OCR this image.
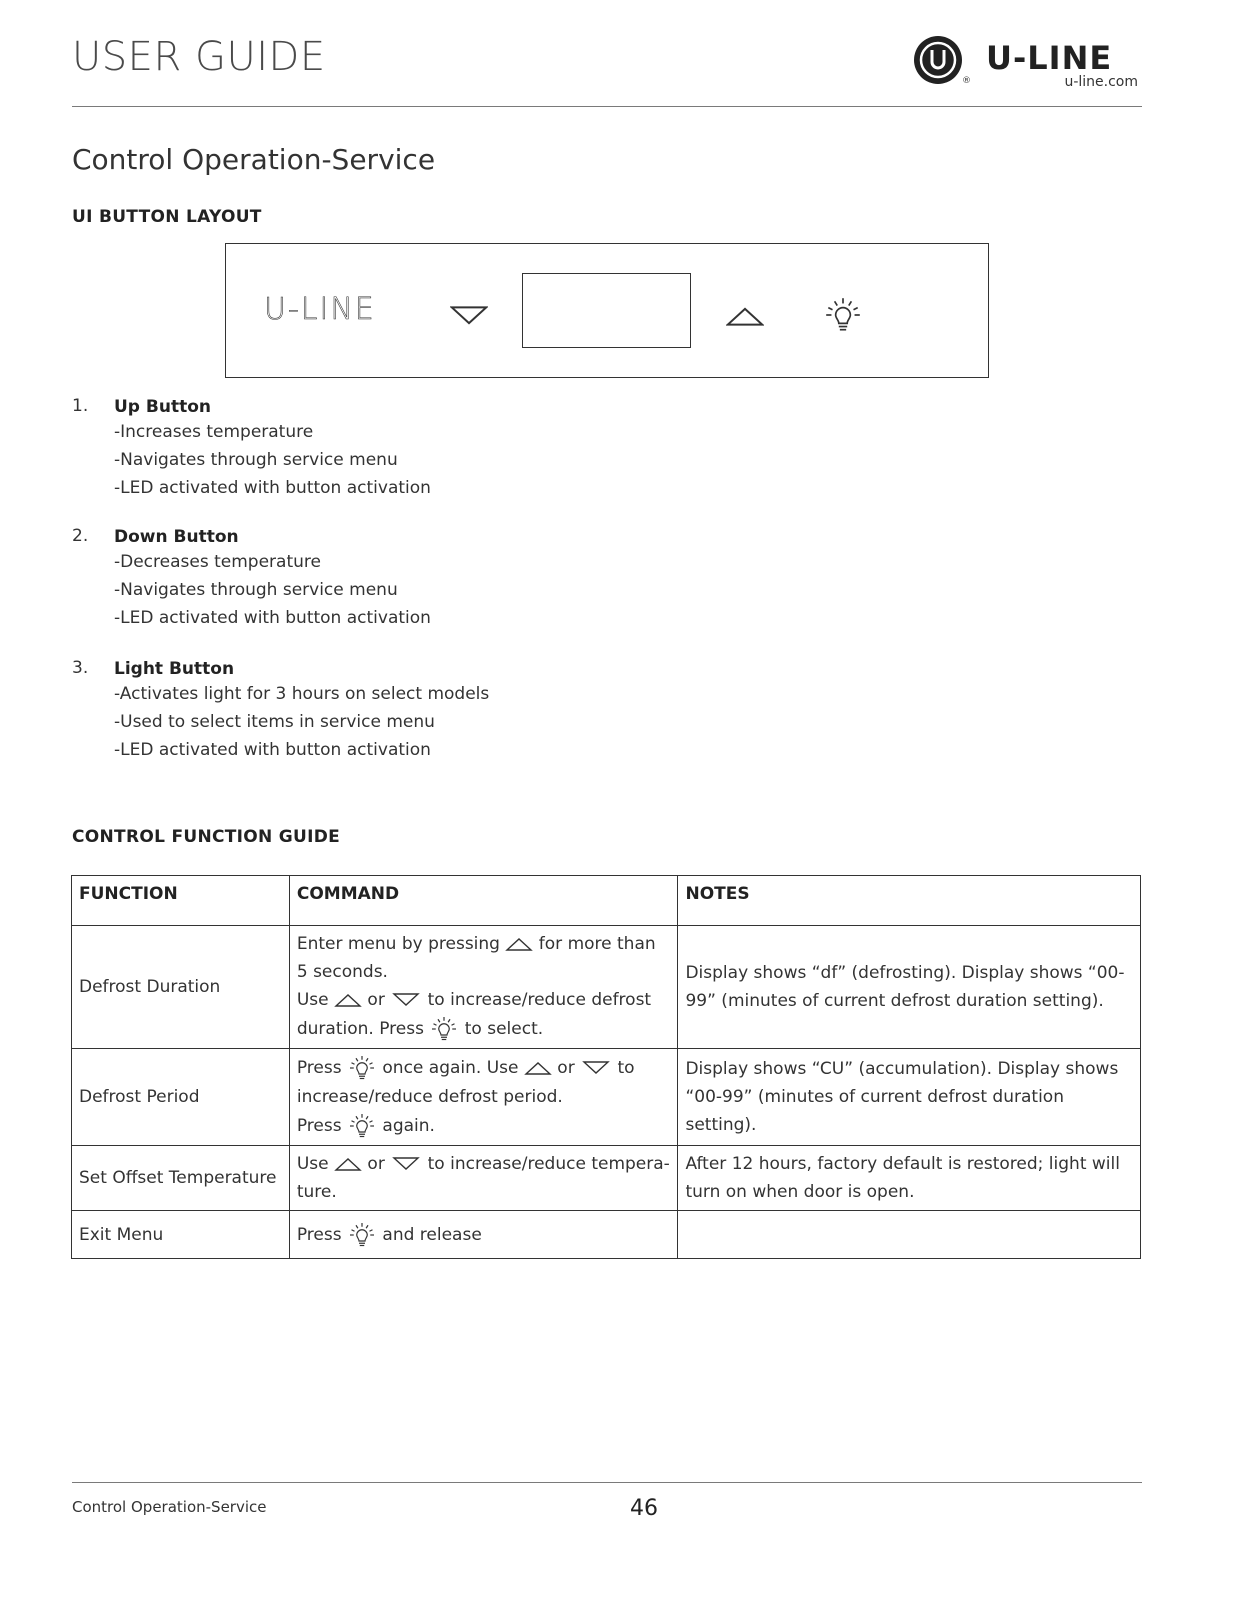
USER GUIDE
®
U-LINE
u-line.com
Control Operation-Service
UI BUTTON LAYOUT
U-LINE
1. Up Button
-Increases temperature
-Navigates through service menu
-LED activated with button activation
2. Down Button
-Decreases temperature
-Navigates through service menu
-LED activated with button activation
3. Light Button
-Activates light for 3 hours on select models
-Used to select items in service menu
-LED activated with button activation
CONTROL FUNCTION GUIDE
FUNCTION	COMMAND	NOTES
Defrost Duration	Enter menu by pressing for more than
5 seconds.
Use or to increase/reduce defrost
duration. Press to select.	Display shows “df” (defrosting). Display shows “00-99” (minutes of current defrost duration setting).
Defrost Period	Press once again. Use or to
increase/reduce defrost period.
Press again.	Display shows “CU” (accumulation). Display shows “00-99” (minutes of current defrost duration setting).
Set Offset Temperature	Use or to increase/reduce tempera-
ture.	After 12 hours, factory default is restored; light will turn on when door is open.
Exit Menu	Press and release	
Control Operation-Service	46
